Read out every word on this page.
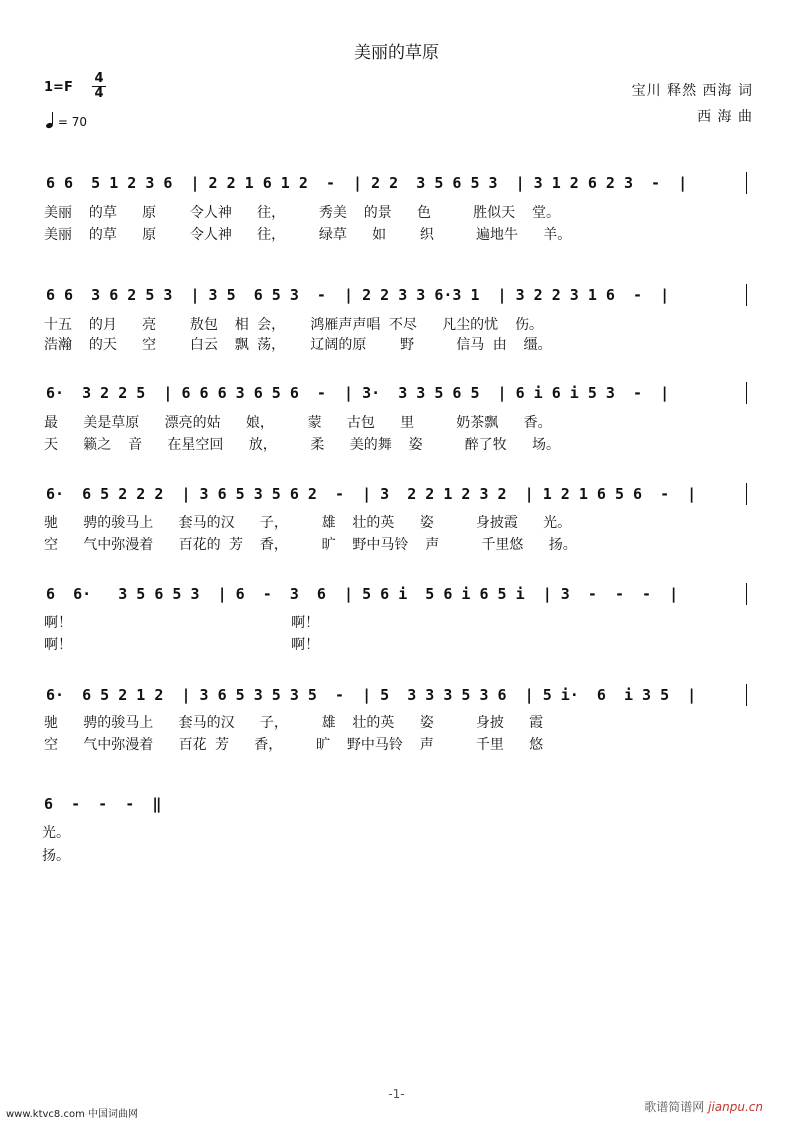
美丽的草原
$1=F \frac{4}{4}$
= 70
宝川 释然 西海 词
西 海 曲
6 6  5 1 2 3 6  | 2 2 1 6 1 2  -  | 2 2  3 5 6 5 3  | 3 1 2 6 2 3  -  |
美丽  的草   原    令人神   往，    秀美  的景   色     胜似天  堂。
美丽  的草   原    令人神   往，    绿草   如    织     遍地牛   羊。
6 6  3 6 2 5 3  | 3 5  6 5 3  -  | 2 2 3 3 6·3 1  | 3 2 2 3 1 6  -  |
十五  的月   亮    敖包  相 会，   鸿雁声声唱 不尽   凡尘的忧  伤。
浩瀚  的天   空    白云  飘 荡，   辽阔的原    野     信马 由  缰。
6·  3 2 2 5  | 6 6 6 3 6 5 6  -  | 3·  3 3 5 6 5  | 6 i 6 i 5 3  -  |
最   美是草原   漂亮的姑   娘，    蒙   古包   里     奶茶飘   香。
天   籁之  音   在星空回   放，    柔   美的舞  姿     醉了牧   场。
6·  6 5 2 2 2  | 3 6 5 3 5 6 2  -  | 3  2 2 1 2 3 2  | 1 2 1 6 5 6  -  |
驰   骋的骏马上   套马的汉   子，    雄  壮的英   姿     身披霞   光。
空   气中弥漫着   百花的 芳  香，    旷  野中马铃  声     千里悠   扬。
6  6·   3 5 6 5 3  | 6  -  3  6  | 5 6 i  5 6 i 6 5 i  | 3  -  -  -  |
啊！                          啊！
啊！                          啊！
6·  6 5 2 1 2  | 3 6 5 3 5 3 5  -  | 5  3 3 3 5 3 6  | 5 i·  6  i 3 5  |
驰   骋的骏马上   套马的汉   子，    雄  壮的英   姿     身披   霞
空   气中弥漫着   百花 芳   香，    旷  野中马铃  声     千里   悠
6  -  -  -  ‖
光。
扬。
-1-
www.ktvc8.com 中国词曲网
歌谱简谱网 jianpu.cn
